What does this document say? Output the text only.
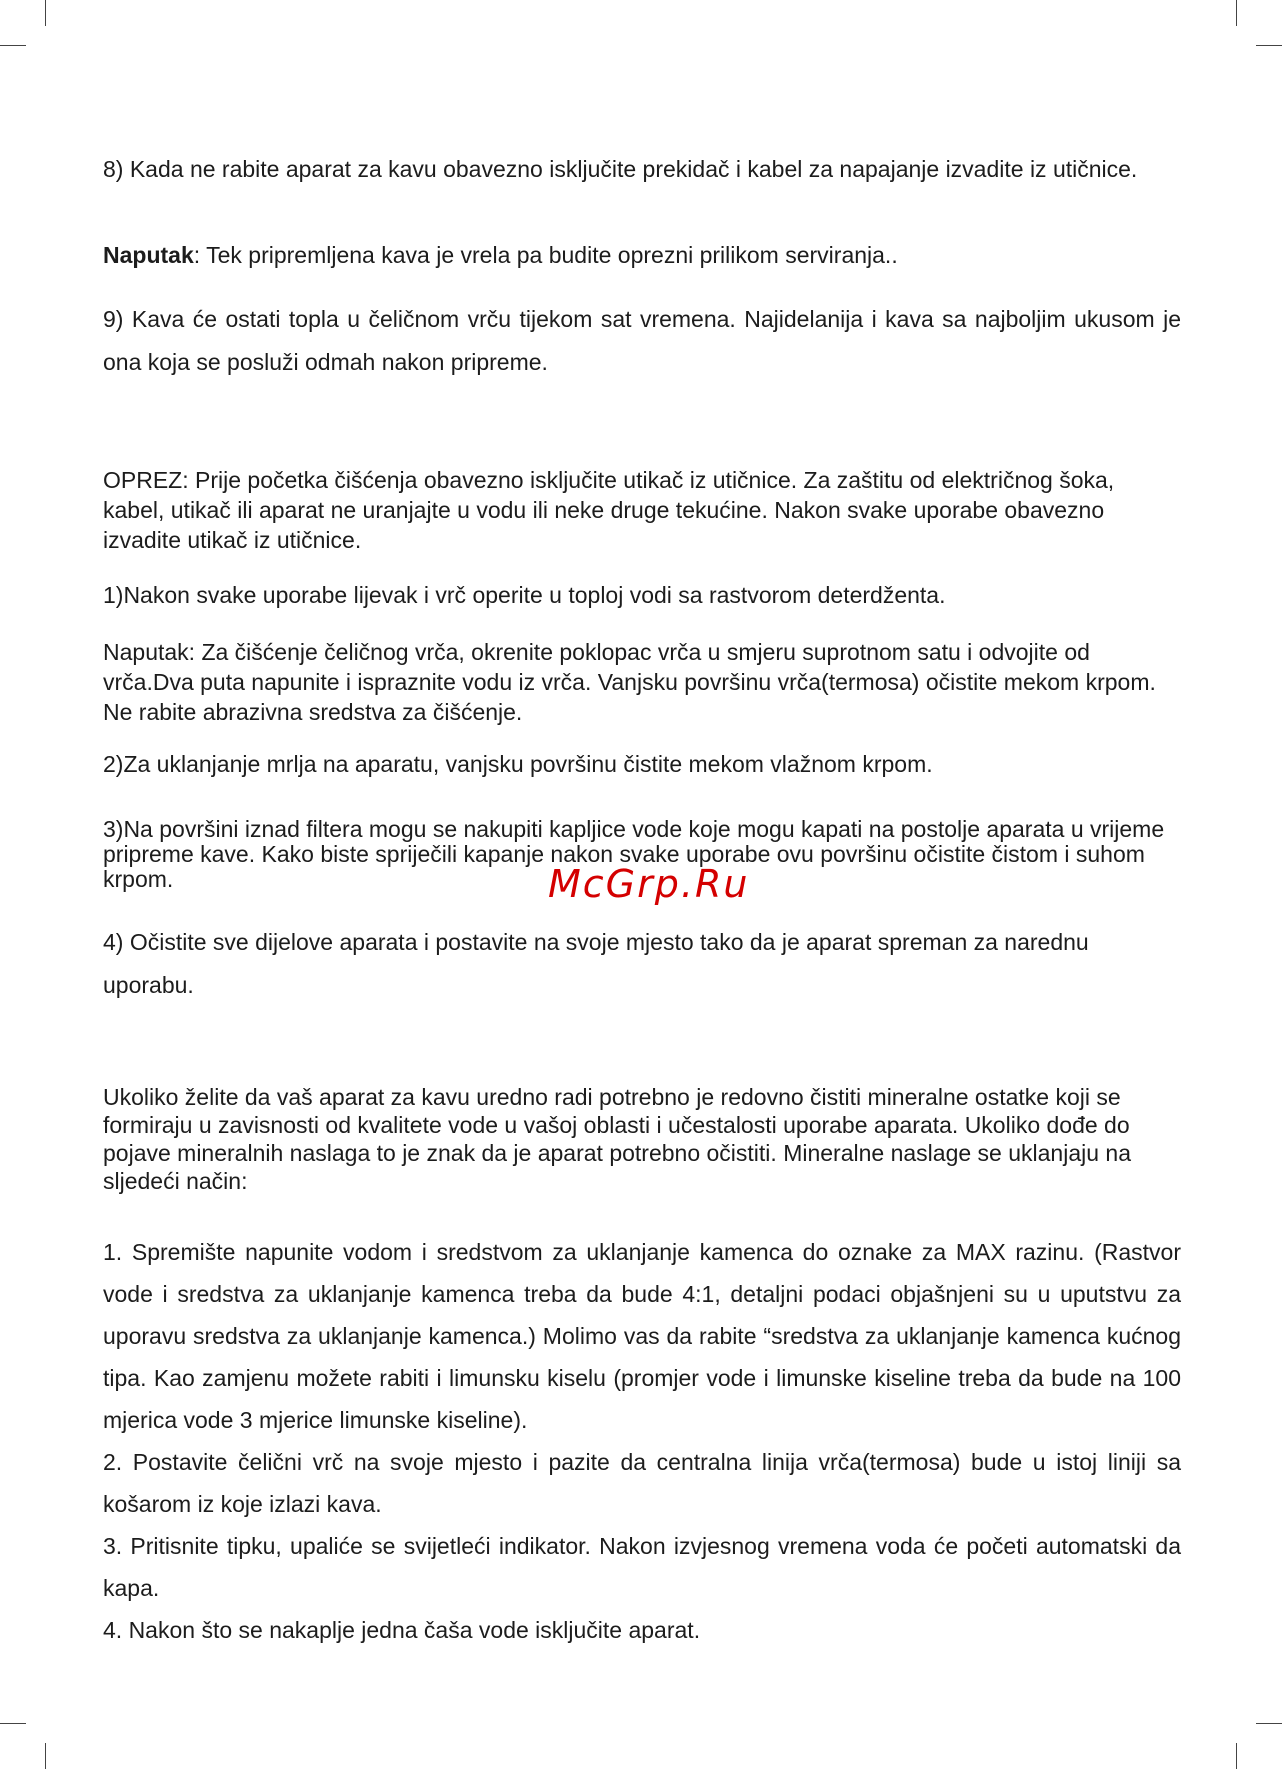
8) Kada ne rabite aparat za kavu obavezno isključite prekidač i kabel za napajanje izvadite iz utičnice.

Naputak: Tek pripremljena kava je vrela pa budite oprezni prilikom serviranja..

9) Kava će ostati topla u čeličnom vrču tijekom sat vremena. Najidelanija i kava sa najboljim ukusom je ona koja se posluži odmah nakon pripreme.

OPREZ: Prije početka čišćenja obavezno isključite utikač iz utičnice. Za zaštitu od električnog šoka, kabel, utikač ili aparat ne uranjajte u vodu ili neke druge tekućine. Nakon svake uporabe obavezno izvadite utikač iz utičnice.

1)Nakon svake uporabe lijevak i vrč operite u toploj vodi sa rastvorom deterdženta.

Naputak: Za čišćenje čeličnog vrča, okrenite poklopac vrča u smjeru suprotnom satu i odvojite od vrča.Dva puta napunite i ispraznite vodu iz vrča. Vanjsku površinu vrča(termosa) očistite mekom krpom. Ne rabite abrazivna sredstva za čišćenje.

2)Za uklanjanje mrlja na aparatu, vanjsku površinu čistite mekom vlažnom krpom.

3)Na površini iznad filtera mogu se nakupiti kapljice vode koje mogu kapati na postolje aparata u vrijeme pripreme kave. Kako biste spriječili kapanje nakon svake uporabe ovu površinu očistite čistom i suhom krpom.

4) Očistite sve dijelove aparata i postavite na svoje mjesto tako da je aparat spreman za narednu uporabu.

Ukoliko želite da vaš aparat za kavu uredno radi potrebno je redovno čistiti mineralne ostatke koji se formiraju u zavisnosti od kvalitete vode u vašoj oblasti i učestalosti uporabe aparata. Ukoliko dođe do pojave mineralnih naslaga to je znak da je aparat potrebno očistiti. Mineralne naslage se uklanjaju na sljedeći način:

1. Spremište napunite vodom i sredstvom za uklanjanje kamenca do oznake za MAX razinu. (Rastvor vode i sredstva za uklanjanje kamenca treba da bude 4:1, detaljni podaci objašnjeni su u uputstvu za uporavu sredstva za uklanjanje kamenca.) Molimo vas da rabite “sredstva za uklanjanje kamenca kućnog tipa. Kao zamjenu možete rabiti i limunsku kiselu (promjer vode i limunske kiseline treba da bude na 100 mjerica vode 3 mjerice limunske kiseline).

2. Postavite čelični vrč na svoje mjesto i pazite da centralna linija vrča(termosa) bude u istoj liniji sa košarom iz koje izlazi kava.

3. Pritisnite tipku, upaliće se svijetleći indikator. Nakon izvjesnog vremena voda će početi automatski da kapa.

4. Nakon što se nakaplje jedna čaša vode isključite aparat.

McGrp.Ru
